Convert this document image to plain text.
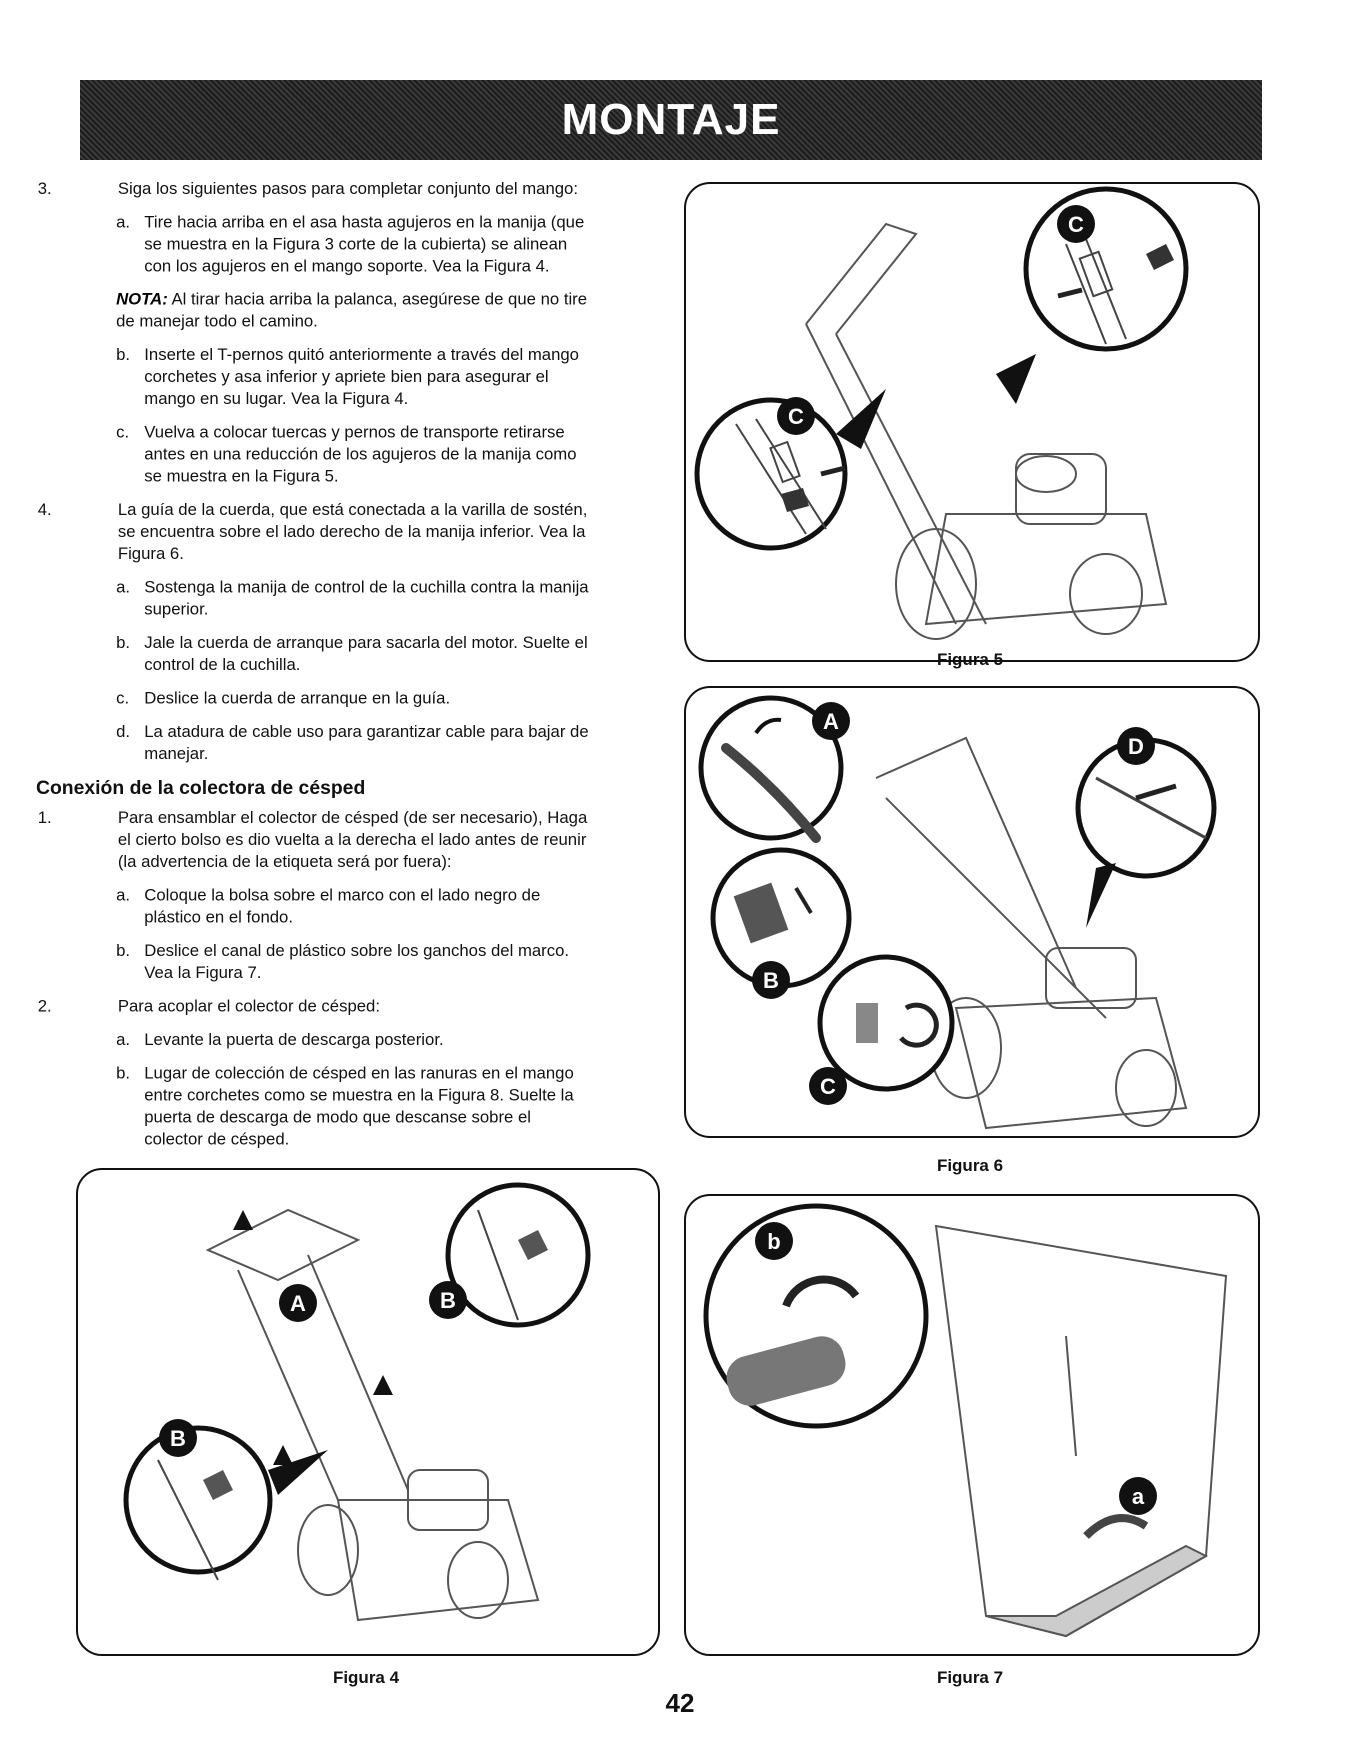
MONTAJE
3.	Siga los siguientes pasos para completar conjunto del mango:
a. Tire hacia arriba en el asa hasta agujeros en la manija (que se muestra en la Figura 3 corte de la cubierta) se alinean con los agujeros en el mango soporte. Vea la Figura 4.
NOTA: Al tirar hacia arriba la palanca, asegúrese de que no tire de manejar todo el camino.
b. Inserte el T-pernos quitó anteriormente a través del mango corchetes y asa inferior y apriete bien para asegurar el mango en su lugar. Vea la Figura 4.
c. Vuelva a colocar tuercas y pernos de transporte retirarse antes en una reducción de los agujeros de la manija como se muestra en la Figura 5.
4.	La guía de la cuerda, que está conectada a la varilla de sostén, se encuentra sobre el lado derecho de la manija inferior. Vea la Figura 6.
a. Sostenga la manija de control de la cuchilla contra la manija superior.
b. Jale la cuerda de arranque para sacarla del motor. Suelte el control de la cuchilla.
c. Deslice la cuerda de arranque en la guía.
d. La atadura de cable uso para garantizar cable para bajar de manejar.
Conexión de la colectora de césped
1.	Para ensamblar el colector de césped (de ser necesario), Haga el cierto bolso es dio vuelta a la derecha el lado antes de reunir (la advertencia de la etiqueta será por fuera):
a. Coloque la bolsa sobre el marco con el lado negro de plástico en el fondo.
b. Deslice el canal de plástico sobre los ganchos del marco. Vea la Figura 7.
2.	Para acoplar el colector de césped:
a. Levante la puerta de descarga posterior.
b. Lugar de colección de césped en las ranuras en el mango entre corchetes como se muestra en la Figura 8. Suelte la puerta de descarga de modo que descanse sobre el colector de césped.
C
C
Figura 5
A
D
B
C
Figura 6
A	B
B
Figura 4
b
a
Figura 7
42
